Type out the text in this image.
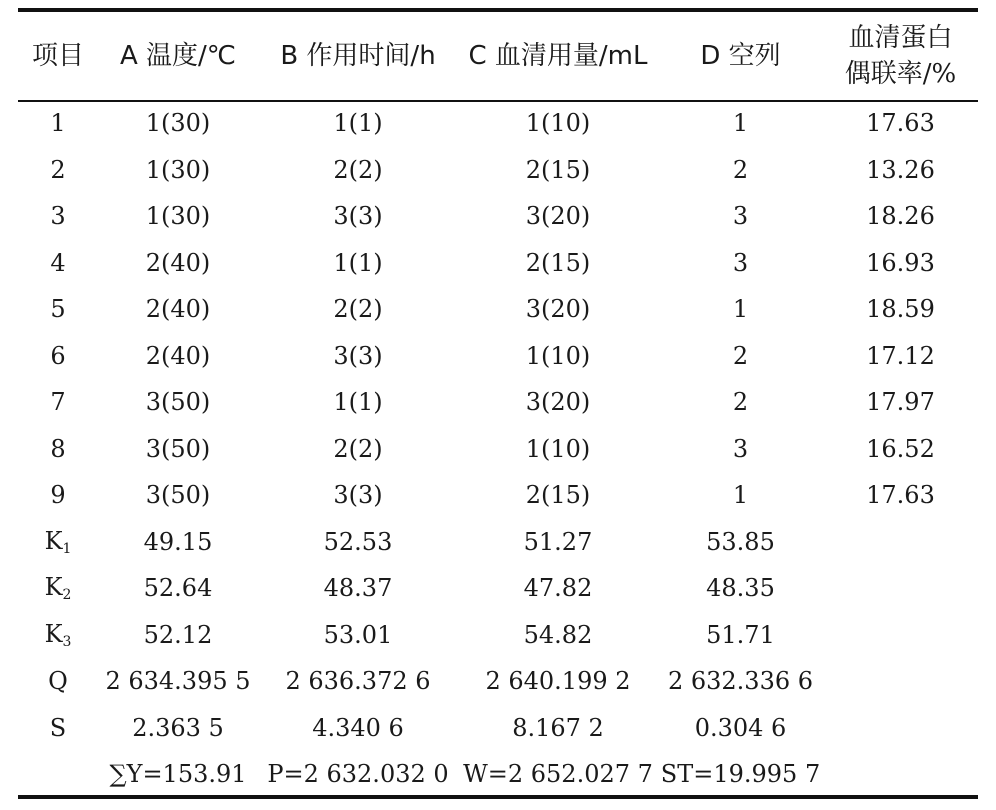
项目	A 温度/℃	B 作用时间/h	C 血清用量/mL	D 空列	血清蛋白
偶联率/%

1	1(30)	1(1)	1(10)	1	17.63
2	1(30)	2(2)	2(15)	2	13.26
3	1(30)	3(3)	3(20)	3	18.26
4	2(40)	1(1)	2(15)	3	16.93
5	2(40)	2(2)	3(20)	1	18.59
6	2(40)	3(3)	1(10)	2	17.12
7	3(50)	1(1)	3(20)	2	17.97
8	3(50)	2(2)	1(10)	3	16.52
9	3(50)	3(3)	2(15)	1	17.63
$K_1$	49.15	52.53	51.27	53.85	
$K_2$	52.64	48.37	47.82	48.35	
$K_3$	52.12	53.01	54.82	51.71	
Q	2 634.395 5	2 636.372 6	2 640.199 2	2 632.336 6	
S	2.363 5	4.340 6	8.167 2	0.304 6	
	∑Y=153.91	P=2 632.032 0	W=2 652.027 7	ST=19.995 7	
